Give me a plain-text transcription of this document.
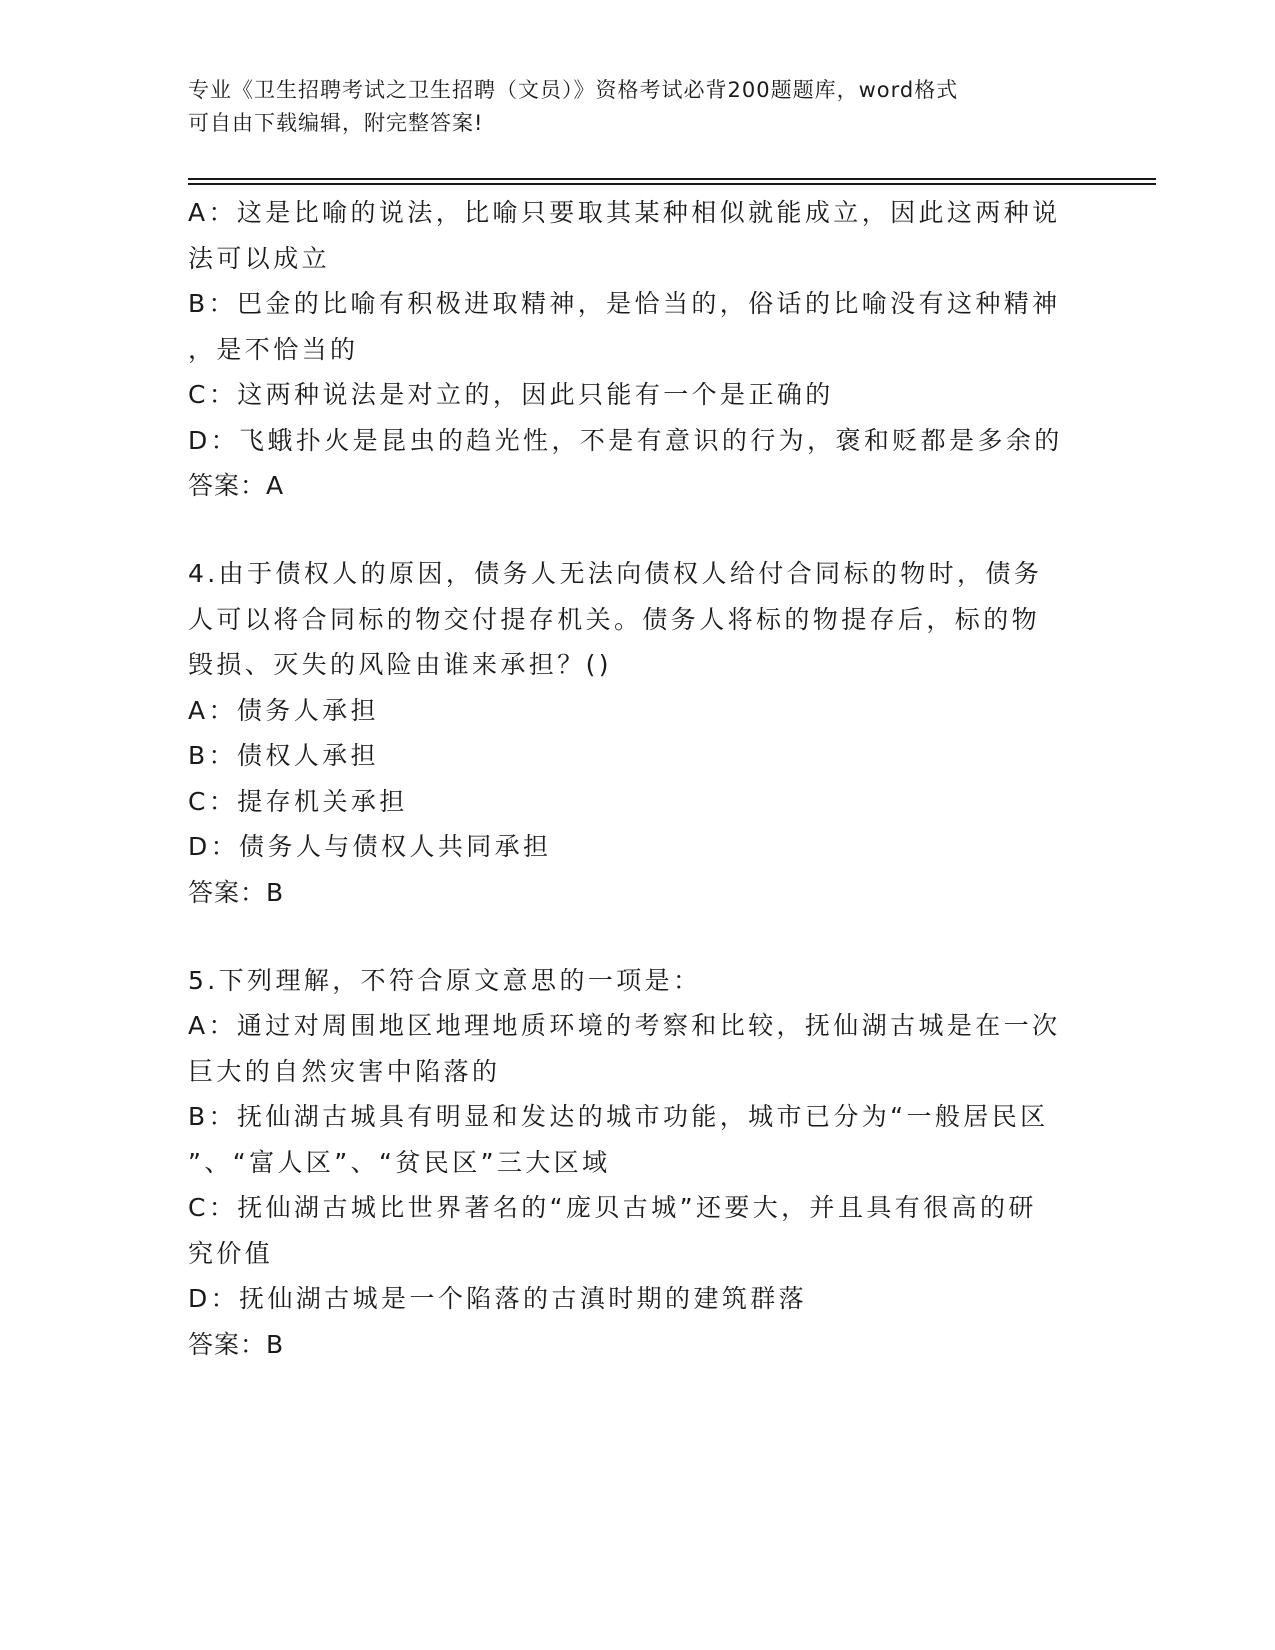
专业《卫生招聘考试之卫生招聘（文员）》资格考试必背200题题库，word格式
可自由下载编辑，附完整答案!
A：这是比喻的说法，比喻只要取其某种相似就能成立，因此这两种说
法可以成立
B：巴金的比喻有积极进取精神，是恰当的，俗话的比喻没有这种精神
，是不恰当的
C：这两种说法是对立的，因此只能有一个是正确的
D：飞蛾扑火是昆虫的趋光性，不是有意识的行为，褒和贬都是多余的
答案：A
4.由于债权人的原因，债务人无法向债权人给付合同标的物时，债务
人可以将合同标的物交付提存机关。债务人将标的物提存后，标的物
毁损、灭失的风险由谁来承担？()
A：债务人承担
B：债权人承担
C：提存机关承担
D：债务人与债权人共同承担
答案：B
5.下列理解，不符合原文意思的一项是：
A：通过对周围地区地理地质环境的考察和比较，抚仙湖古城是在一次
巨大的自然灾害中陷落的
B：抚仙湖古城具有明显和发达的城市功能，城市已分为“一般居民区
”、“富人区”、“贫民区”三大区域
C：抚仙湖古城比世界著名的“庞贝古城”还要大，并且具有很高的研
究价值
D：抚仙湖古城是一个陷落的古滇时期的建筑群落
答案：B
